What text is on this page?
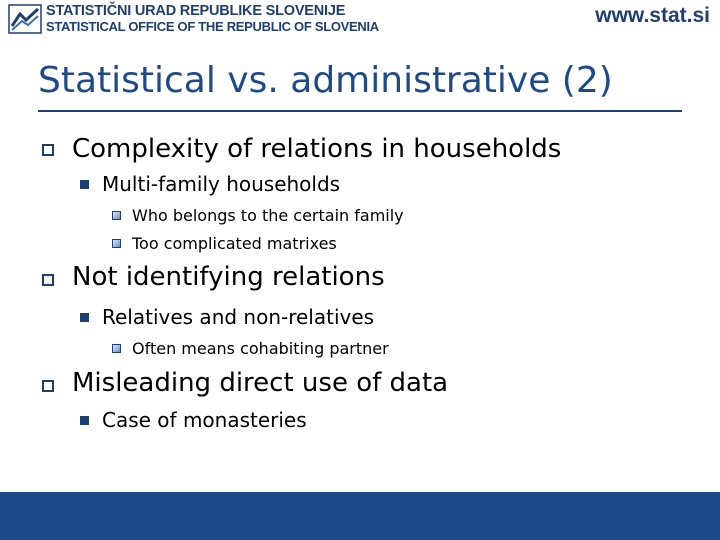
STATISTIČNI URAD REPUBLIKE SLOVENIJE
STATISTICAL OFFICE OF THE REPUBLIC OF SLOVENIA	www.stat.si
Statistical vs. administrative (2)
Complexity of relations in households
Multi-family households
Who belongs to the certain family
Too complicated matrixes
Not identifying relations
Relatives and non-relatives
Often means cohabiting partner
Misleading direct use of data
Case of monasteries
